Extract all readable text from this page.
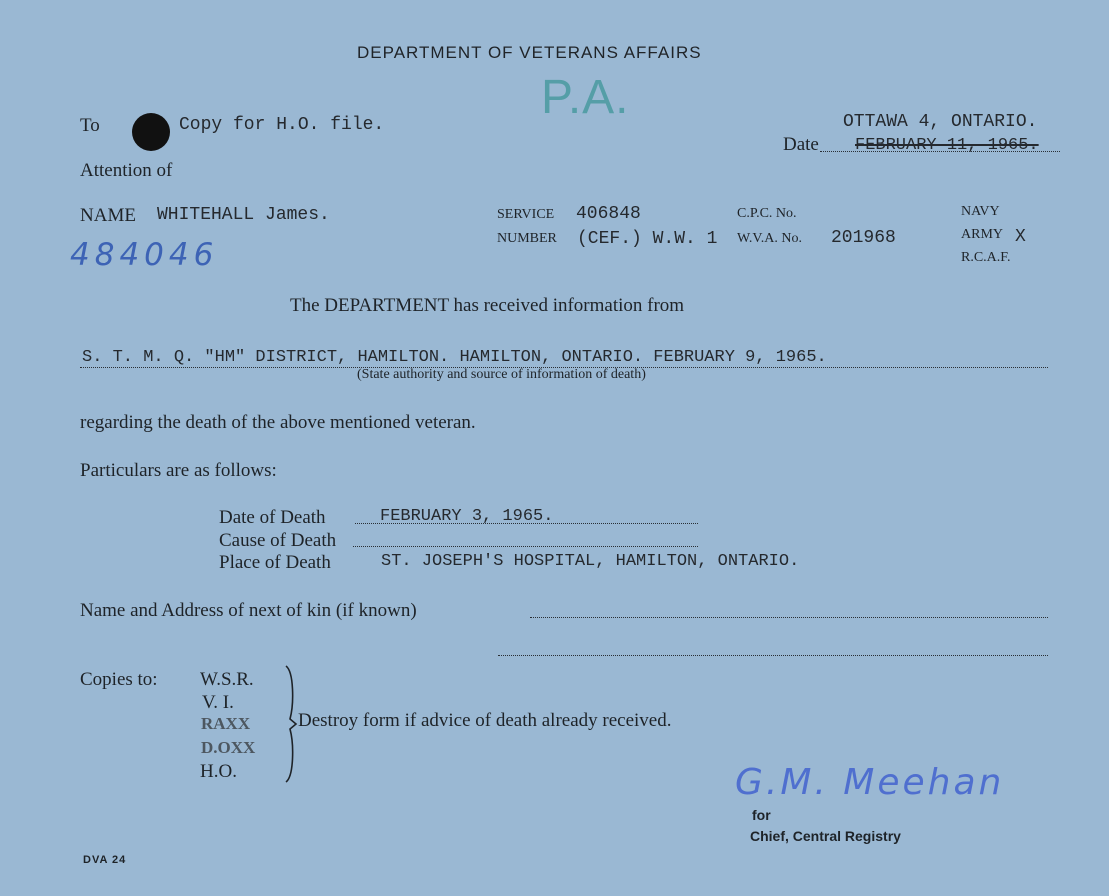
DEPARTMENT OF VETERANS AFFAIRS
P.A.
To	Copy for H.O. file.	OTTAWA 4, ONTARIO.
Date FEBRUARY 11, 1965.
Attention of
NAME WHITEHALL James.
484046
SERVICE 406848
NUMBER (CEF.) W.W. 1
C.P.C. No.
W.V.A. No. 201968
NAVY
ARMY X
R.C.A.F.
The DEPARTMENT has received information from
S. T. M. Q. "HM" DISTRICT, HAMILTON. HAMILTON, ONTARIO. FEBRUARY 9, 1965.
(State authority and source of information of death)
regarding the death of the above mentioned veteran.
Particulars are as follows:
Date of Death	FEBRUARY 3, 1965.
Cause of Death
Place of Death	ST. JOSEPH'S HOSPITAL, HAMILTON, ONTARIO.
Name and Address of next of kin (if known)
Copies to: W.S.R.
V. I.
RAXX
D.OXX
H.O.
Destroy form if advice of death already received.
G.M. Meehan
for
Chief, Central Registry
DVA 24
